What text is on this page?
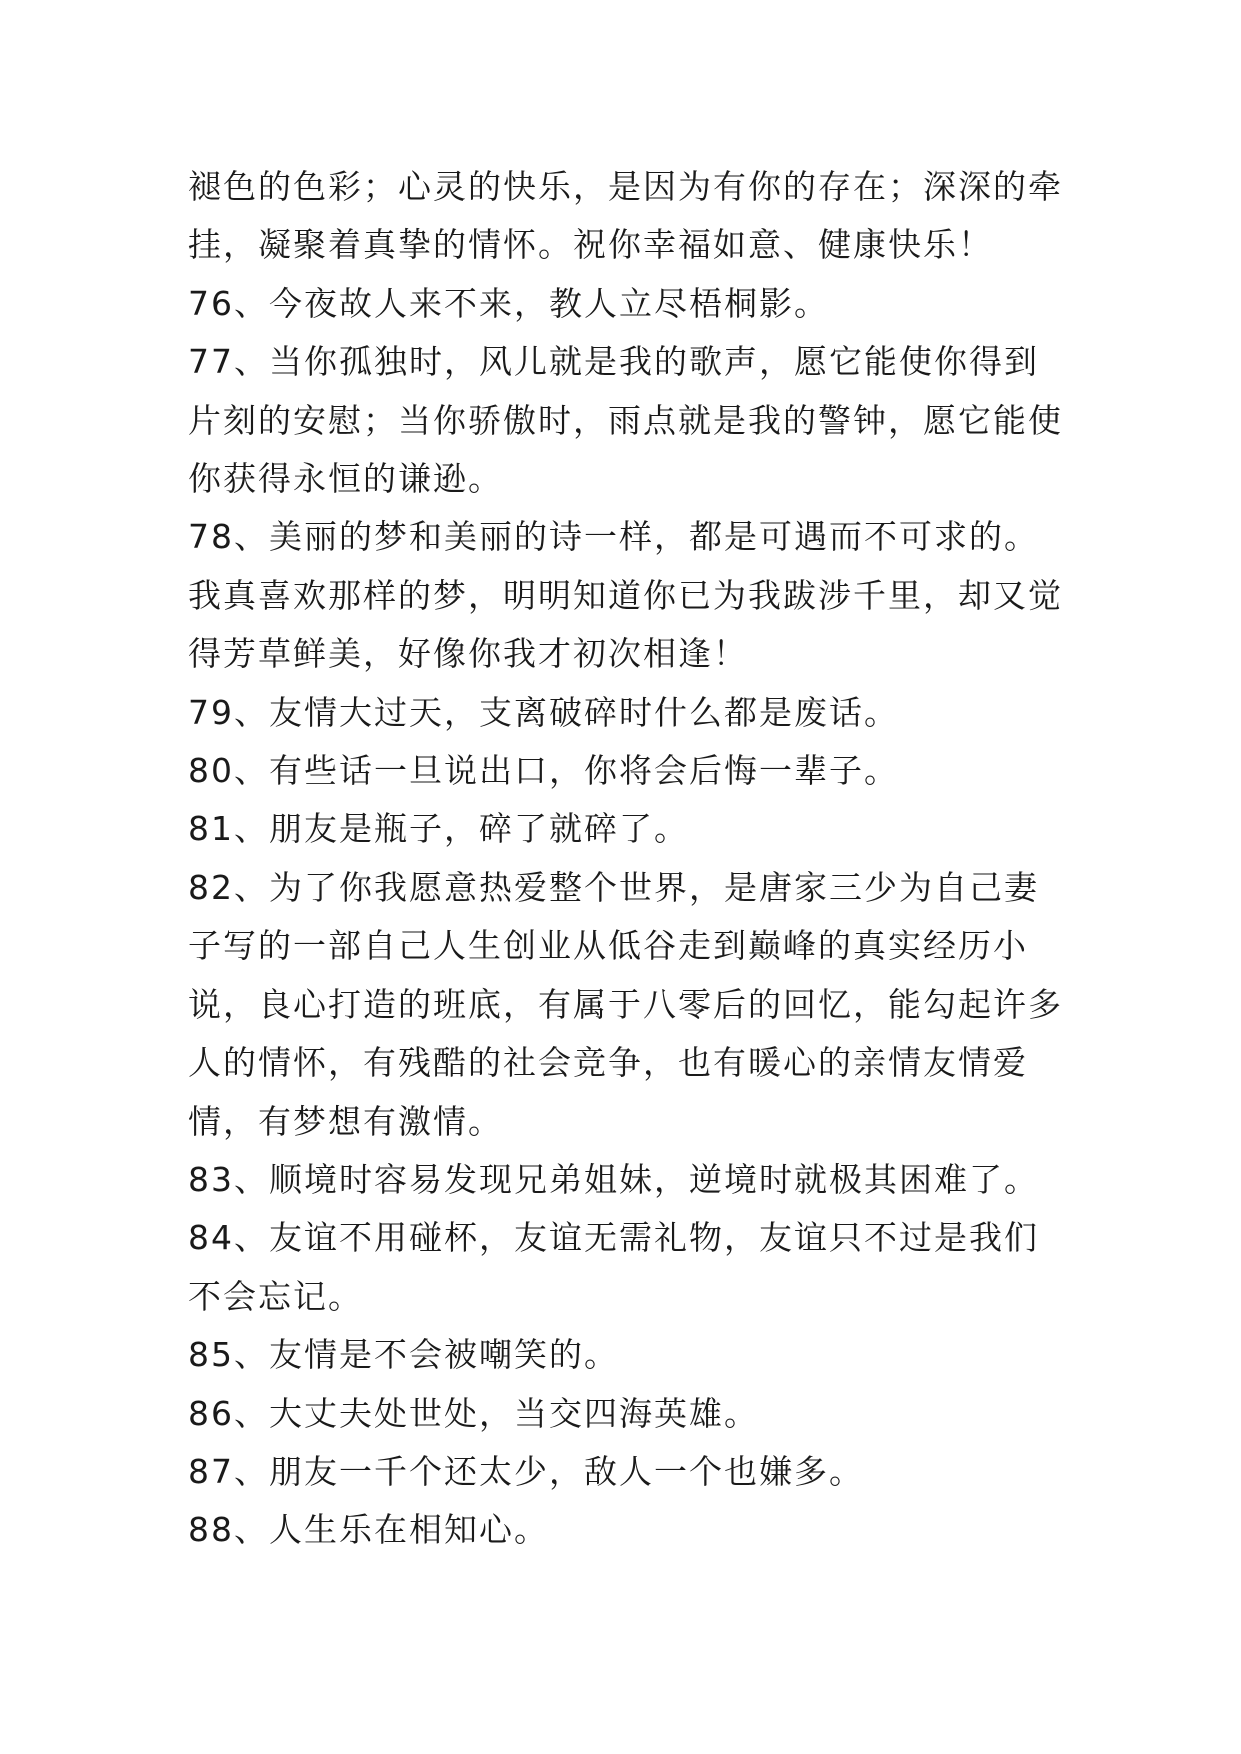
褪色的色彩；心灵的快乐，是因为有你的存在；深深的牵挂，凝聚着真挚的情怀。祝你幸福如意、健康快乐！

76、今夜故人来不来，教人立尽梧桐影。

77、当你孤独时，风儿就是我的歌声，愿它能使你得到片刻的安慰；当你骄傲时，雨点就是我的警钟，愿它能使你获得永恒的谦逊。

78、美丽的梦和美丽的诗一样，都是可遇而不可求的。我真喜欢那样的梦，明明知道你已为我跋涉千里，却又觉得芳草鲜美，好像你我才初次相逢！

79、友情大过天，支离破碎时什么都是废话。

80、有些话一旦说出口，你将会后悔一辈子。

81、朋友是瓶子，碎了就碎了。

82、为了你我愿意热爱整个世界，是唐家三少为自己妻子写的一部自己人生创业从低谷走到巅峰的真实经历小说，良心打造的班底，有属于八零后的回忆，能勾起许多人的情怀，有残酷的社会竞争，也有暖心的亲情友情爱情，有梦想有激情。

83、顺境时容易发现兄弟姐妹，逆境时就极其困难了。

84、友谊不用碰杯，友谊无需礼物，友谊只不过是我们不会忘记。

85、友情是不会被嘲笑的。

86、大丈夫处世处，当交四海英雄。

87、朋友一千个还太少，敌人一个也嫌多。

88、人生乐在相知心。
